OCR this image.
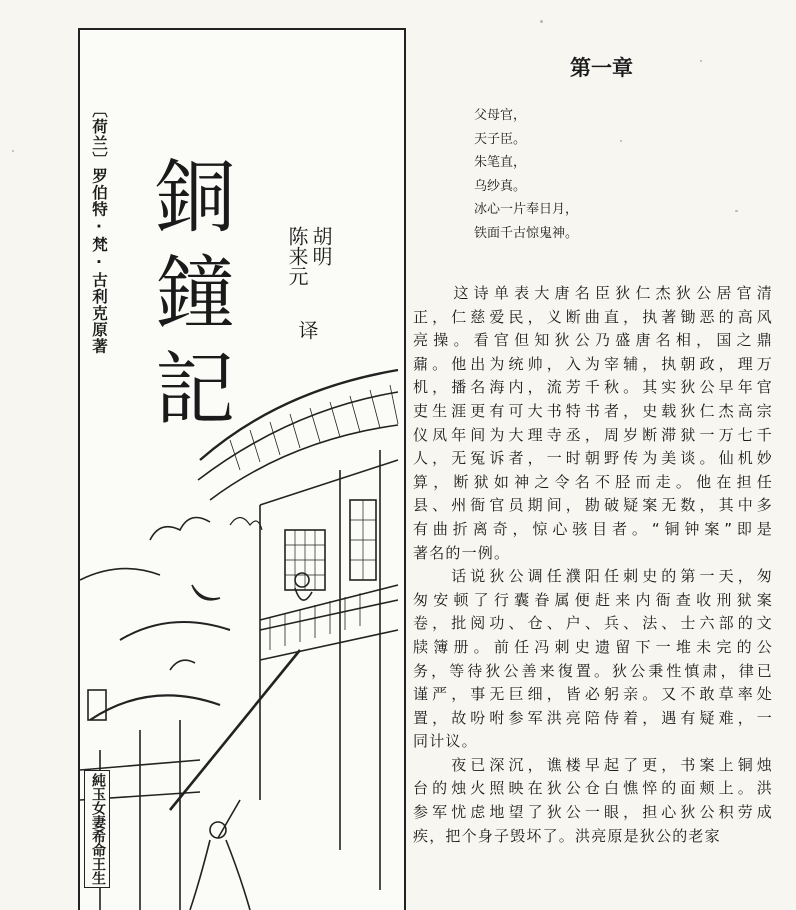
〔荷兰〕罗伯特·梵·古利克原著 銅
鐘
記
胡明
陈来元
译
純玉女妻希命王生
第一章
父母官，
天子臣。
朱笔直，
乌纱真。
冰心一片奉日月，
铁面千古惊鬼神。
　　这诗单表大唐名臣狄仁杰狄公居官清
正，仁慈爱民，义断曲直，执著锄恶的高风
亮操。看官但知狄公乃盛唐名相，国之鼎
鼐。他出为统帅，入为宰辅，执朝政，理万
机，播名海内，流芳千秋。其实狄公早年官
吏生涯更有可大书特书者，史载狄仁杰高宗
仪凤年间为大理寺丞，周岁断滞狱一万七千
人，无冤诉者，一时朝野传为美谈。仙机妙
算，断狱如神之令名不胫而走。他在担任
县、州衙官员期间，勘破疑案无数，其中多
有曲折离奇，惊心骇目者。“铜钟案”即是
著名的一例。
　　话说狄公调任濮阳任刺史的第一天，匆
匆安顿了行囊眷属便赶来内衙查收刑狱案
卷，批阅功、仓、户、兵、法、士六部的文
牍簿册。前任冯刺史遗留下一堆未完的公
务，等待狄公善来復置。狄公秉性慎肃，律已
谨严，事无巨细，皆必躬亲。又不敢草率处
置，故吩咐参军洪亮陪侍着，遇有疑难，一
同计议。
　　夜已深沉，谯楼早起了更，书案上铜烛
台的烛火照映在狄公仓白憔悴的面颊上。洪
参军忧虑地望了狄公一眼，担心狄公积劳成
疾，把个身子毁坏了。洪亮原是狄公的老家
